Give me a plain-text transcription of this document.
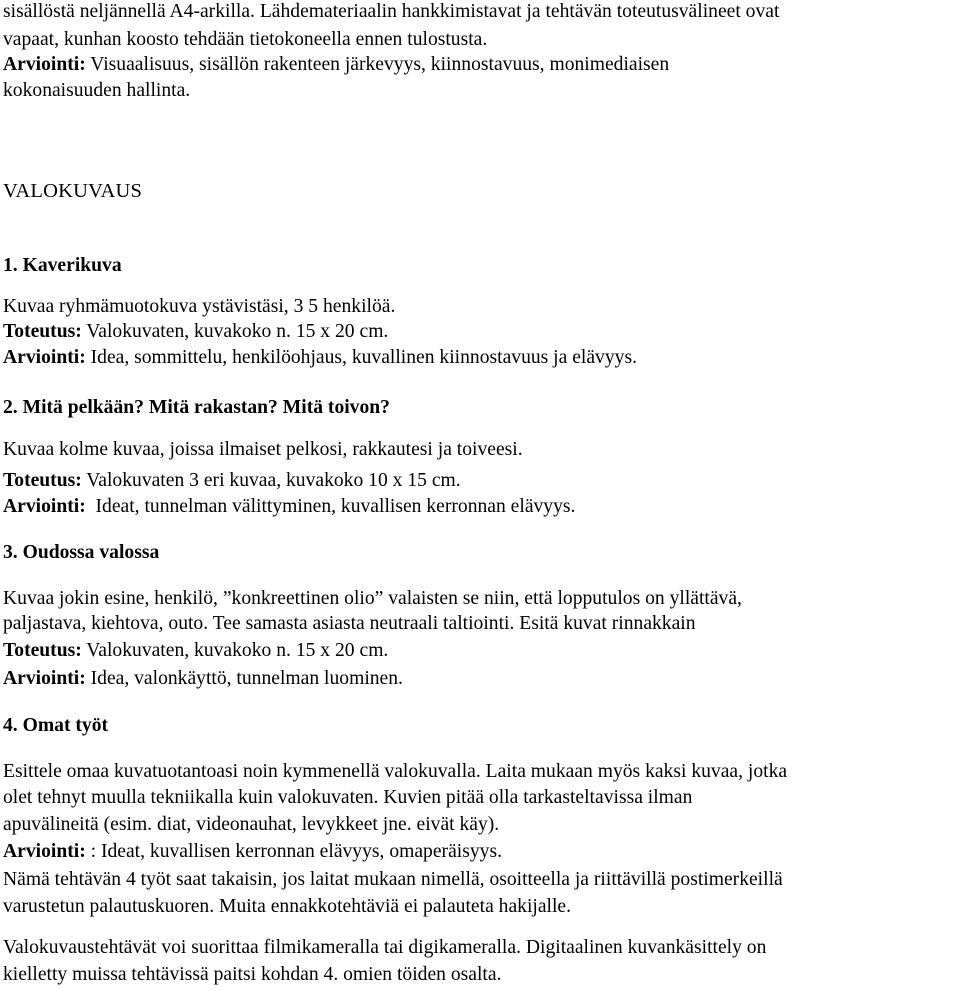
sisällöstä neljännellä A4-arkilla. Lähdemateriaalin hankkimistavat ja tehtävän toteutusvälineet ovat
vapaat, kunhan koosto tehdään tietokoneella ennen tulostusta.
Arviointi: Visuaalisuus, sisällön rakenteen järkevyys, kiinnostavuus, monimediaisen
kokonaisuuden hallinta.
VALOKUVAUS
1. Kaverikuva
Kuvaa ryhmämuotokuva ystävistäsi, 3 5 henkilöä.
Toteutus: Valokuvaten, kuvakoko n. 15 x 20 cm.
Arviointi: Idea, sommittelu, henkilöohjaus, kuvallinen kiinnostavuus ja elävyys.
2. Mitä pelkään? Mitä rakastan? Mitä toivon?
Kuvaa kolme kuvaa, joissa ilmaiset pelkosi, rakkautesi ja toiveesi.
Toteutus: Valokuvaten 3 eri kuvaa, kuvakoko 10 x 15 cm.
Arviointi:  Ideat, tunnelman välittyminen, kuvallisen kerronnan elävyys.
3. Oudossa valossa
Kuvaa jokin esine, henkilö, ”konkreettinen olio” valaisten se niin, että lopputulos on yllättävä,
paljastava, kiehtova, outo. Tee samasta asiasta neutraali taltiointi. Esitä kuvat rinnakkain
Toteutus: Valokuvaten, kuvakoko n. 15 x 20 cm.
Arviointi: Idea, valonkäyttö, tunnelman luominen.
4. Omat työt
Esittele omaa kuvatuotantoasi noin kymmenellä valokuvalla. Laita mukaan myös kaksi kuvaa, jotka
olet tehnyt muulla tekniikalla kuin valokuvaten. Kuvien pitää olla tarkasteltavissa ilman
apuvälineitä (esim. diat, videonauhat, levykkeet jne. eivät käy).
Arviointi: : Ideat, kuvallisen kerronnan elävyys, omaperäisyys.
Nämä tehtävän 4 työt saat takaisin, jos laitat mukaan nimellä, osoitteella ja riittävillä postimerkeillä
varustetun palautuskuoren. Muita ennakkotehtäviä ei palauteta hakijalle.
Valokuvaustehtävät voi suorittaa filmikameralla tai digikameralla. Digitaalinen kuvankäsittely on
kielletty muissa tehtävissä paitsi kohdan 4. omien töiden osalta.
